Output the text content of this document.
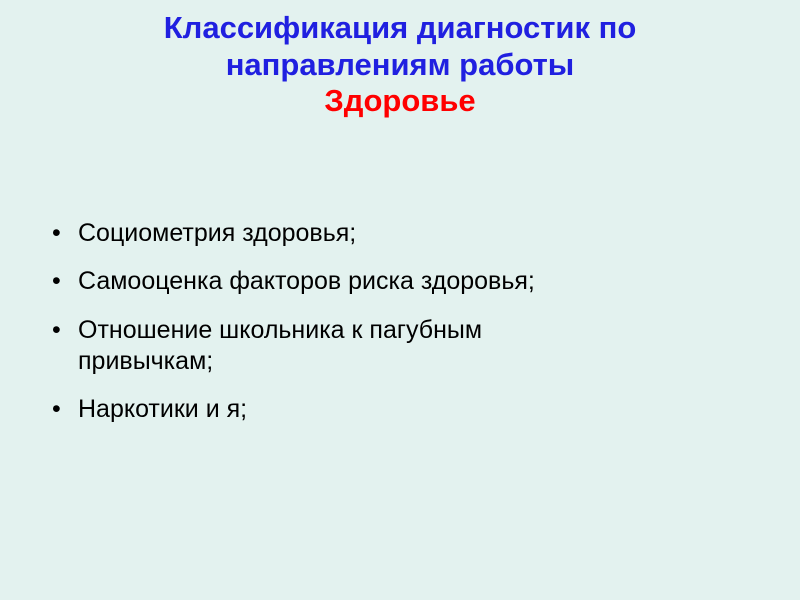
Классификация диагностик по
направлениям работы
Здоровье
• Социометрия здоровья;
• Самооценка факторов риска здоровья;
• Отношение школьника к пагубным привычкам;
• Наркотики и я;
